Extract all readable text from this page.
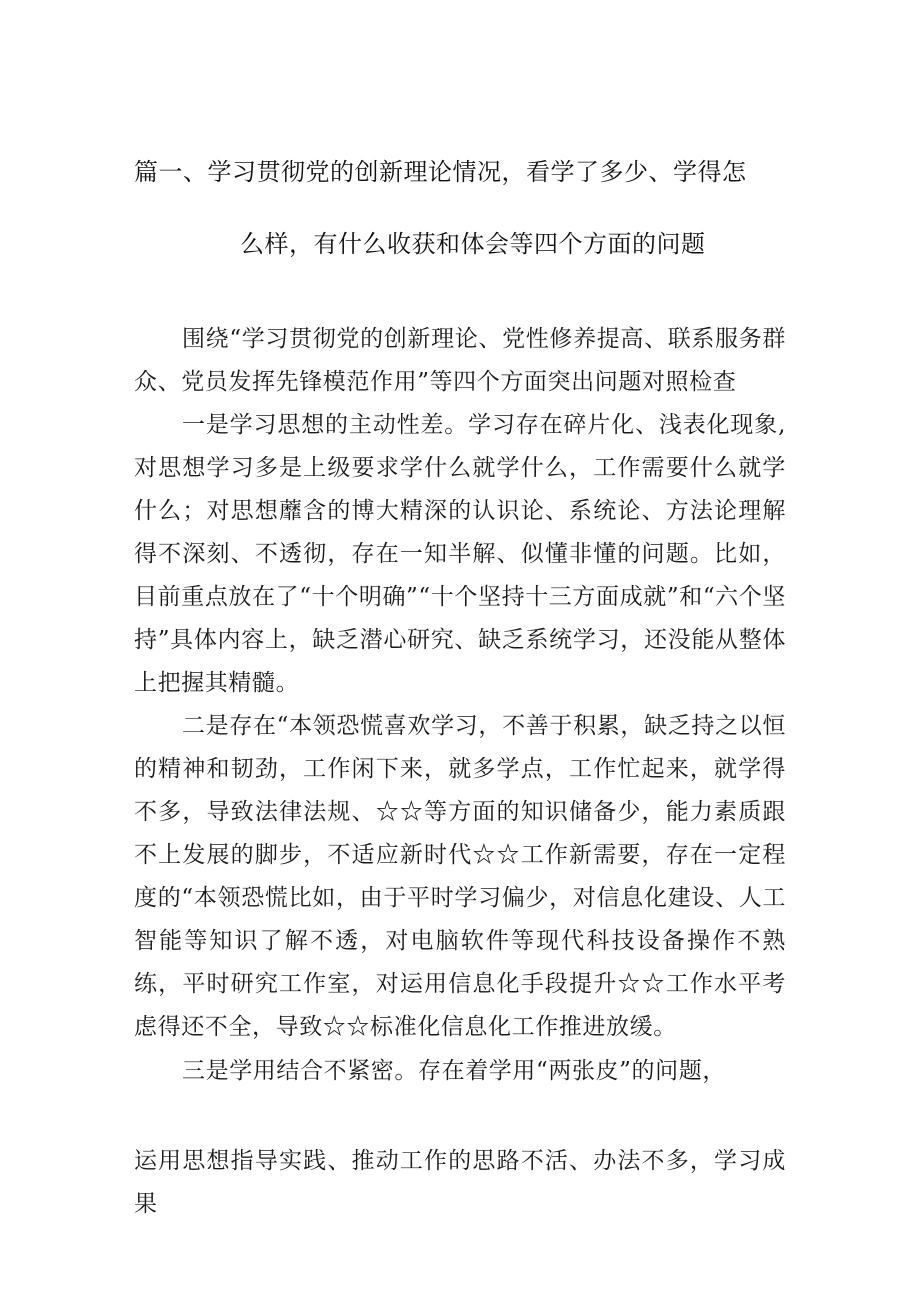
篇一、学习贯彻党的创新理论情况，看学了多少、学得怎
么样，有什么收获和体会等四个方面的问题

围绕“学习贯彻党的创新理论、党性修养提高、联系服务群众、党员发挥先锋模范作用”等四个方面突出问题对照检查

一是学习思想的主动性差。学习存在碎片化、浅表化现象,对思想学习多是上级要求学什么就学什么，工作需要什么就学什么；对思想蘼含的博大精深的认识论、系统论、方法论理解得不深刻、不透彻，存在一知半解、似懂非懂的问题。比如，目前重点放在了“十个明确”“十个坚持十三方面成就”和“六个坚持”具体内容上，缺乏潜心研究、缺乏系统学习，还没能从整体上把握其精髓。

二是存在“本领恐慌喜欢学习，不善于积累，缺乏持之以恒的精神和韧劲，工作闲下来，就多学点，工作忙起来，就学得不多，导致法律法规、☆☆等方面的知识储备少，能力素质跟不上发展的脚步，不适应新时代☆☆工作新需要，存在一定程度的“本领恐慌比如，由于平时学习偏少，对信息化建设、人工智能等知识了解不透，对电脑软件等现代科技设备操作不熟练，平时研究工作室，对运用信息化手段提升☆☆工作水平考虑得还不全，导致☆☆标准化信息化工作推进放缓。

三是学用结合不紧密。存在着学用“两张皮”的问题，

运用思想指导实践、推动工作的思路不活、办法不多，学习成果
